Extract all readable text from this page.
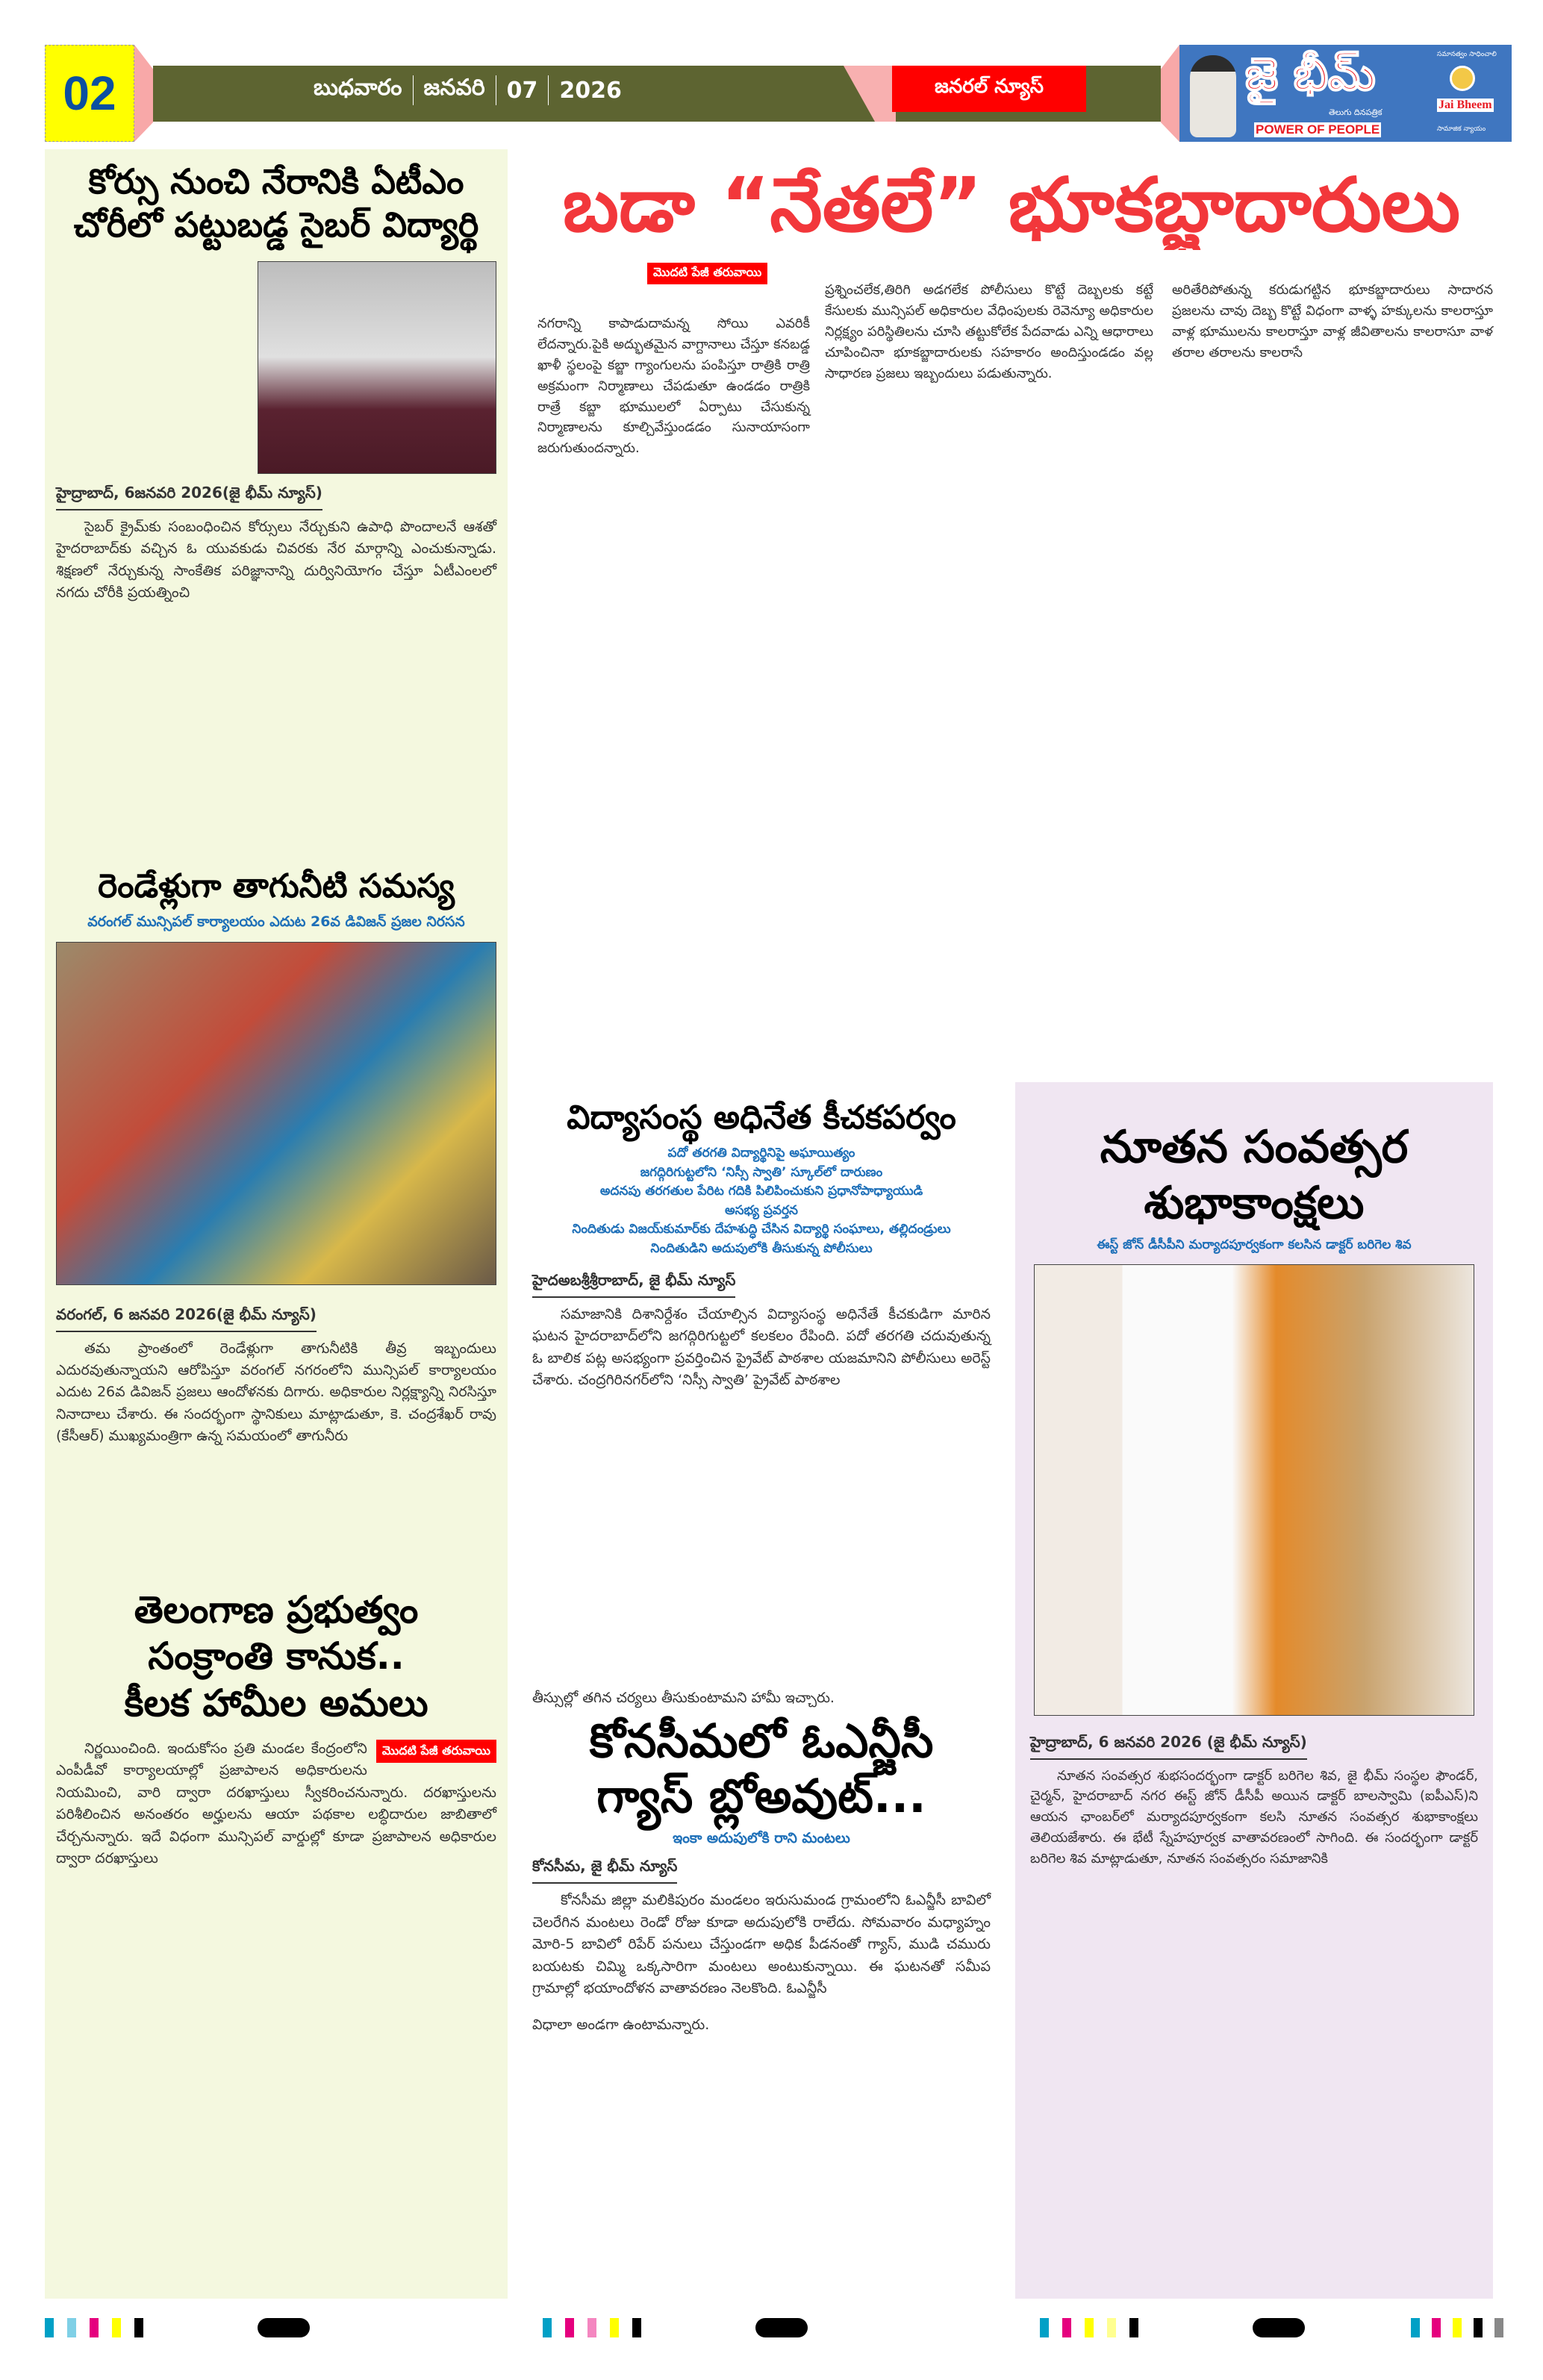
02	బుధవారం జనవరి 07 2026	జనరల్ న్యూస్	జై భీమ్
తెలుగు దినపత్రిక
POWER OF PEOPLE
సమానత్వం సాధించాలి
Jai Bheem
సామాజిక న్యాయం
కోర్సు నుంచి నేరానికి ఏటీఎం
చోరీలో పట్టుబడ్డ సైబర్ విద్యార్థి
హైద్రాబాద్, 6జనవరి 2026(జై భీమ్ న్యూస్)

సైబర్ క్రైమ్‌కు సంబంధించిన కోర్సులు నేర్చుకుని ఉపాధి పొందాలనే ఆశతో హైదరాబాద్‌కు వచ్చిన ఓ యువకుడు చివరకు నేర మార్గాన్ని ఎంచుకున్నాడు. శిక్షణలో నేర్చుకున్న సాంకేతిక పరిజ్ఞానాన్ని దుర్వినియోగం చేస్తూ ఏటీఎంలలో నగదు చోరీకి ప్రయత్నించి

రెండేళ్లుగా తాగునీటి సమస్య
వరంగల్ మున్సిపల్ కార్యాలయం ఎదుట 26వ డివిజన్ ప్రజల నిరసన
వరంగల్, 6 జనవరి 2026(జై భీమ్ న్యూస్)

తమ ప్రాంతంలో రెండేళ్లుగా తాగునీటికి తీవ్ర ఇబ్బందులు ఎదురవుతున్నాయని ఆరోపిస్తూ వరంగల్ నగరంలోని మున్సిపల్ కార్యాలయం ఎదుట 26వ డివిజన్ ప్రజలు ఆందోళనకు దిగారు. అధికారుల నిర్లక్ష్యాన్ని నిరసిస్తూ నినాదాలు చేశారు. ఈ సందర్భంగా స్థానికులు మాట్లాడుతూ, కె. చంద్రశేఖర్ రావు (కేసీఆర్) ముఖ్యమంత్రిగా ఉన్న సమయంలో తాగునీరు

తెలంగాణ ప్రభుత్వం
సంక్రాంతి కానుక..
కీలక హామీల అమలు
మొదటి పేజీ తరువాయి

నిర్ణయించింది. ఇందుకోసం ప్రతి మండల కేంద్రంలోని ఎంపీడీవో కార్యాలయాల్లో ప్రజాపాలన అధికారులను నియమించి, వారి ద్వారా దరఖాస్తులు స్వీకరించనున్నారు. దరఖాస్తులను పరిశీలించిన అనంతరం అర్హులను ఆయా పథకాల లబ్ధిదారుల జాబితాలో చేర్చనున్నారు. ఇదే విధంగా మున్సిపల్ వార్డుల్లో కూడా ప్రజాపాలన అధికారుల ద్వారా దరఖాస్తులు

బడా “నేతలే” భూకబ్జాదారులు
మొదటి పేజీ తరువాయి
నగరాన్ని కాపాడుదామన్న సోయి ఎవరికీ లేదన్నారు.పైకి అద్భుతమైన వాగ్దానాలు చేస్తూ కనబడ్డ ఖాళీ స్థలంపై కబ్జా గ్యాంగులను పంపిస్తూ రాత్రికి రాత్రి అక్రమంగా నిర్మాణాలు చేపడుతూ ఉండడం రాత్రికి రాత్రే కబ్జా భూములలో ఏర్పాటు చేసుకున్న నిర్మాణాలను కూల్చివేస్తుండడం సునాయాసంగా జరుగుతుందన్నారు.
ప్రశ్నించలేక,తిరిగి అడగలేక పోలీసులు కొట్టే దెబ్బలకు కట్టే కేసులకు మున్సిపల్ అధికారుల వేధింపులకు రెవెన్యూ అధికారుల నిర్లక్ష్యం పరిస్థితిలను చూసి తట్టుకోలేక పేదవాడు ఎన్ని ఆధారాలు చూపించినా భూకబ్జాదారులకు సహకారం అందిస్తుండడం వల్ల సాధారణ ప్రజలు ఇబ్బందులు పడుతున్నారు.
అరితేరిపోతున్న కరుడుగట్టిన భూకబ్జాదారులు సాదారన ప్రజలను చావు దెబ్బ కొట్టే విధంగా వాళ్ళ హక్కులను కాలరాస్తూ వాళ్ల భూములను కాలరాస్తూ వాళ్ల జీవితాలను కాలరాసూ వాళ తరాల తరాలను కాలరాసే
విద్యాసంస్థ అధినేత కీచకపర్వం
పదో తరగతి విద్యార్థినిపై అఘాయిత్యం
జగద్గిరిగుట్టలోని ‘నిస్సీ స్వాతి’ స్కూల్‌లో దారుణం
అదనపు తరగతుల పేరిట గదికి పిలిపించుకుని ప్రధానోపాధ్యాయుడి
అసభ్య ప్రవర్తన
నిందితుడు విజయ్‌కుమార్‌కు దేహశుద్ధి చేసిన విద్యార్థి సంఘాలు, తల్లిదండ్రులు
నిందితుడిని అదుపులోకి తీసుకున్న పోలీసులు
హైదఅబశ్రీశ్రీరాబాద్, జై భీమ్ న్యూస్

సమాజానికి దిశానిర్దేశం చేయాల్సిన విద్యాసంస్థ అధినేతే కీచకుడిగా మారిన ఘటన హైదరాబాద్‌లోని జగద్గిరిగుట్టలో కలకలం రేపింది. పదో తరగతి చదువుతున్న ఓ బాలిక పట్ల అసభ్యంగా ప్రవర్తించిన ప్రైవేట్ పాఠశాల యజమానిని పోలీసులు అరెస్ట్ చేశారు. చంద్రగిరినగర్‌లోని ‘నిస్సీ స్వాతి’ ప్రైవేట్ పాఠశాల

తీస్సుల్లో తగిన చర్యలు తీసుకుంటామని హామీ ఇచ్చారు.
కోనసీమలో ఓఎన్జీసీ
గ్యాస్ బ్లోఅవుట్...
ఇంకా అదుపులోకి రాని మంటలు
కోనసీమ, జై భీమ్ న్యూస్

కోనసీమ జిల్లా మలికిపురం మండలం ఇరుసుమండ గ్రామంలోని ఓఎన్జీసీ బావిలో చెలరేగిన మంటలు రెండో రోజు కూడా అదుపులోకి రాలేదు. సోమవారం మధ్యాహ్నం మోరి-5 బావిలో రిపేర్ పనులు చేస్తుండగా అధిక పీడనంతో గ్యాస్, ముడి చమురు బయటకు చిమ్మి ఒక్కసారిగా మంటలు అంటుకున్నాయి. ఈ ఘటనతో సమీప గ్రామాల్లో భయాందోళన వాతావరణం నెలకొంది. ఓఎన్జీసీ

విధాలా అండగా ఉంటామన్నారు.
నూతన సంవత్సర
శుభాకాంక్షలు
ఈస్ట్ జోన్ డీసీపీని మర్యాదపూర్వకంగా కలసిన డాక్టర్ బరిగెల శివ
హైద్రాబాద్, 6 జనవరి 2026 (జై భీమ్ న్యూస్)

నూతన సంవత్సర శుభసందర్భంగా డాక్టర్ బరిగెల శివ, జై భీమ్ సంస్థల ఫౌండర్, చైర్మన్, హైదరాబాద్ నగర ఈస్ట్ జోన్ డీసీపీ అయిన డాక్టర్ బాలస్వామి (ఐపీఎస్)ని ఆయన ఛాంబర్‌లో మర్యాదపూర్వకంగా కలసి నూతన సంవత్సర శుభాకాంక్షలు తెలియజేశారు. ఈ భేటీ స్నేహపూర్వక వాతావరణంలో సాగింది. ఈ సందర్భంగా డాక్టర్ బరిగెల శివ మాట్లాడుతూ, నూతన సంవత్సరం సమాజానికి
